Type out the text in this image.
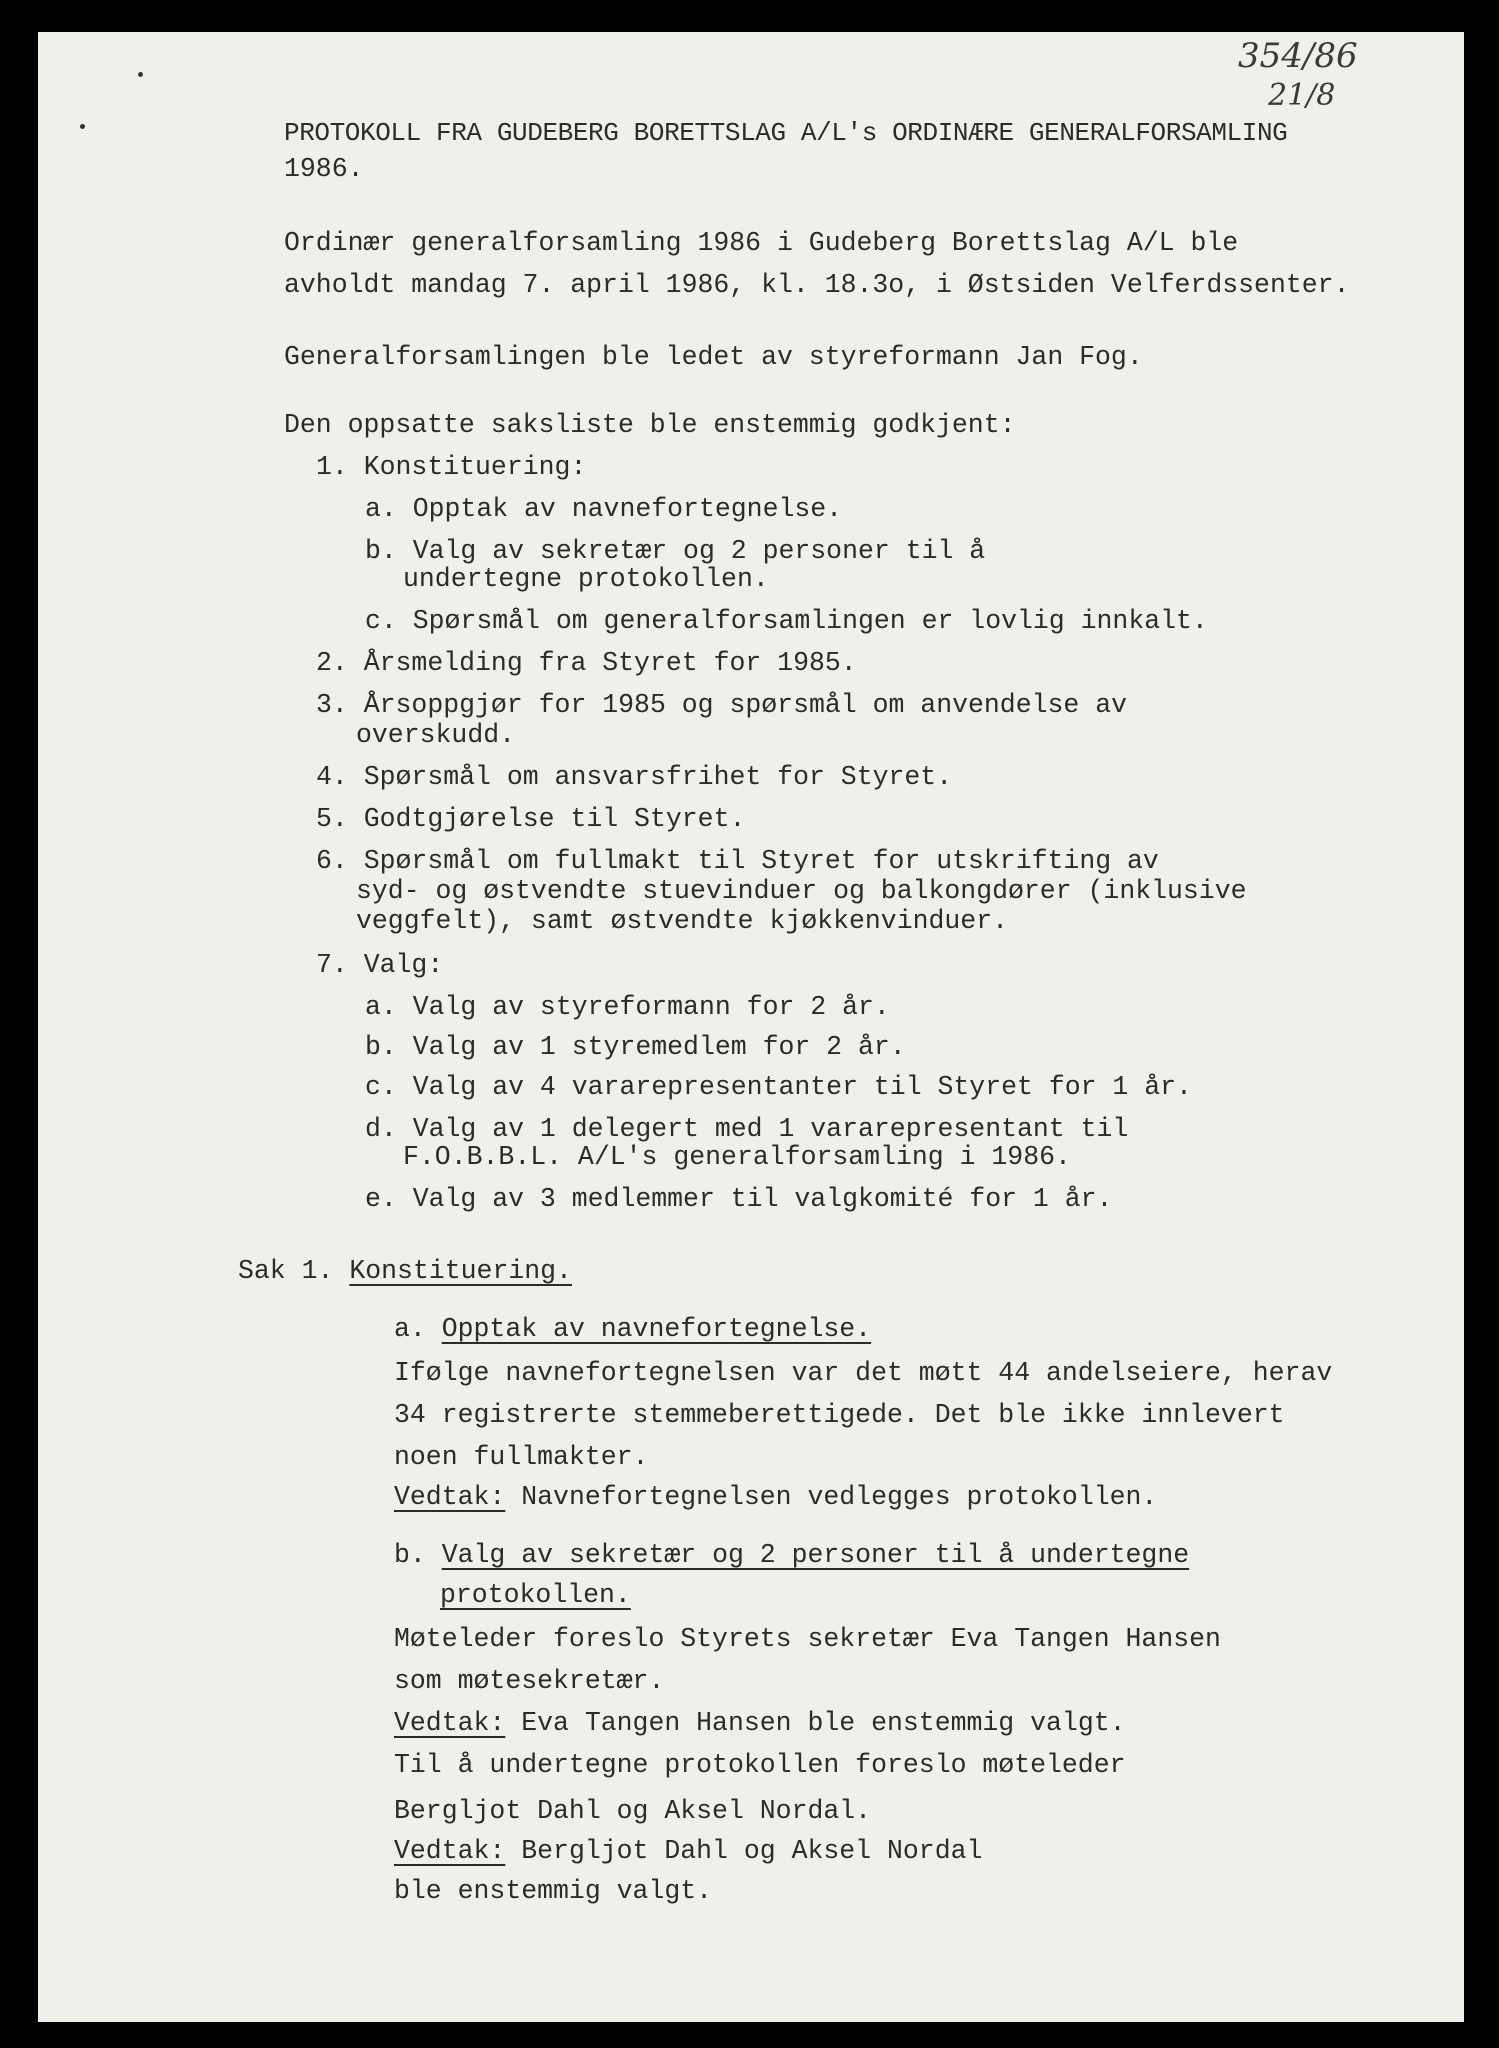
354/86
21/8
PROTOKOLL FRA GUDEBERG BORETTSLAG A/L's ORDINÆRE GENERALFORSAMLING
1986.
Ordinær generalforsamling 1986 i Gudeberg Borettslag A/L ble
avholdt mandag 7. april 1986, kl. 18.3o, i Østsiden Velferdssenter.
Generalforsamlingen ble ledet av styreformann Jan Fog.
Den oppsatte saksliste ble enstemmig godkjent:
1. Konstituering:
a. Opptak av navnefortegnelse.
b. Valg av sekretær og 2 personer til å
undertegne protokollen.
c. Spørsmål om generalforsamlingen er lovlig innkalt.
2. Årsmelding fra Styret for 1985.
3. Årsoppgjør for 1985 og spørsmål om anvendelse av
overskudd.
4. Spørsmål om ansvarsfrihet for Styret.
5. Godtgjørelse til Styret.
6. Spørsmål om fullmakt til Styret for utskrifting av
syd- og østvendte stuevinduer og balkongdører (inklusive
veggfelt), samt østvendte kjøkkenvinduer.
7. Valg:
a. Valg av styreformann for 2 år.
b. Valg av 1 styremedlem for 2 år.
c. Valg av 4 vararepresentanter til Styret for 1 år.
d. Valg av 1 delegert med 1 vararepresentant til
F.O.B.B.L. A/L's generalforsamling i 1986.
e. Valg av 3 medlemmer til valgkomité for 1 år.
Sak 1. Konstituering.
a. Opptak av navnefortegnelse.
Ifølge navnefortegnelsen var det møtt 44 andelseiere, herav
34 registrerte stemmeberettigede. Det ble ikke innlevert
noen fullmakter.
Vedtak: Navnefortegnelsen vedlegges protokollen.
b. Valg av sekretær og 2 personer til å undertegne
protokollen.
Møteleder foreslo Styrets sekretær Eva Tangen Hansen
som møtesekretær.
Vedtak: Eva Tangen Hansen ble enstemmig valgt.
Til å undertegne protokollen foreslo møteleder
Bergljot Dahl og Aksel Nordal.
Vedtak: Bergljot Dahl og Aksel Nordal
ble enstemmig valgt.
